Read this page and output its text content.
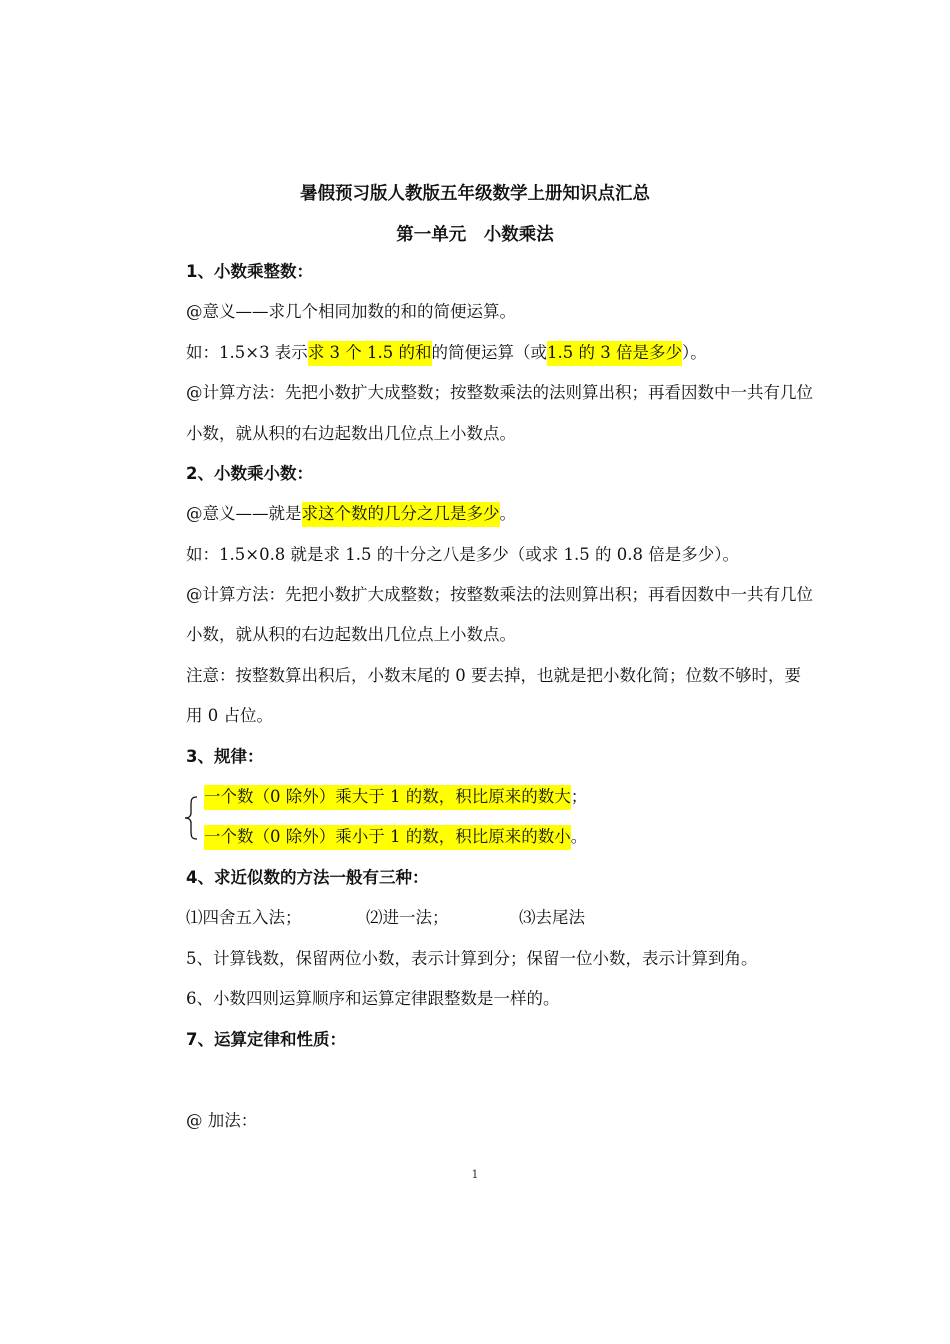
暑假预习版人教版五年级数学上册知识点汇总
第一单元　小数乘法
1、小数乘整数：
@意义——求几个相同加数的和的简便运算。
如：1.5×3 表示求 3 个 1.5 的和的简便运算（或1.5 的 3 倍是多少）。
@计算方法：先把小数扩大成整数；按整数乘法的法则算出积；再看因数中一共有几位
小数，就从积的右边起数出几位点上小数点。
2、小数乘小数：
@意义——就是求这个数的几分之几是多少。
如：1.5×0.8 就是求 1.5 的十分之八是多少（或求 1.5 的 0.8 倍是多少）。
@计算方法：先把小数扩大成整数；按整数乘法的法则算出积；再看因数中一共有几位
小数，就从积的右边起数出几位点上小数点。
注意：按整数算出积后，小数末尾的 0 要去掉，也就是把小数化简；位数不够时，要
用 0 占位。
3、规律：
一个数（0 除外）乘大于 1 的数，积比原来的数大；
一个数（0 除外）乘小于 1 的数，积比原来的数小。
4、求近似数的方法一般有三种：
⑴四舍五入法；	⑵进一法；	⑶去尾法
5、计算钱数，保留两位小数，表示计算到分；保留一位小数，表示计算到角。
6、小数四则运算顺序和运算定律跟整数是一样的。
7、运算定律和性质：
@ 加法：
1
